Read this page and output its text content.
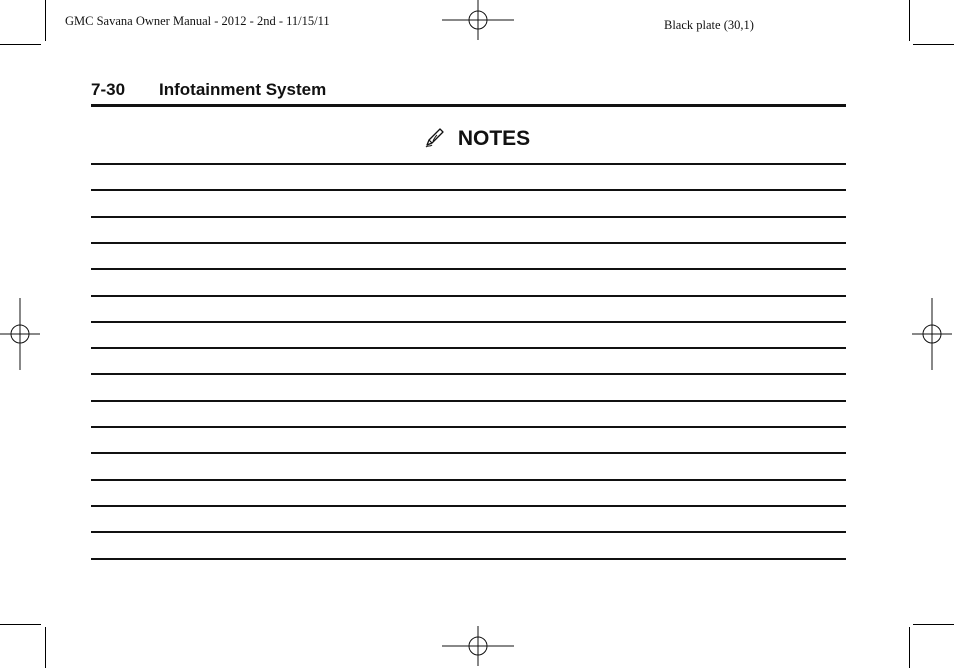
GMC Savana Owner Manual - 2012 - 2nd - 11/15/11	Black plate (30,1)
7-30 Infotainment System
NOTES
